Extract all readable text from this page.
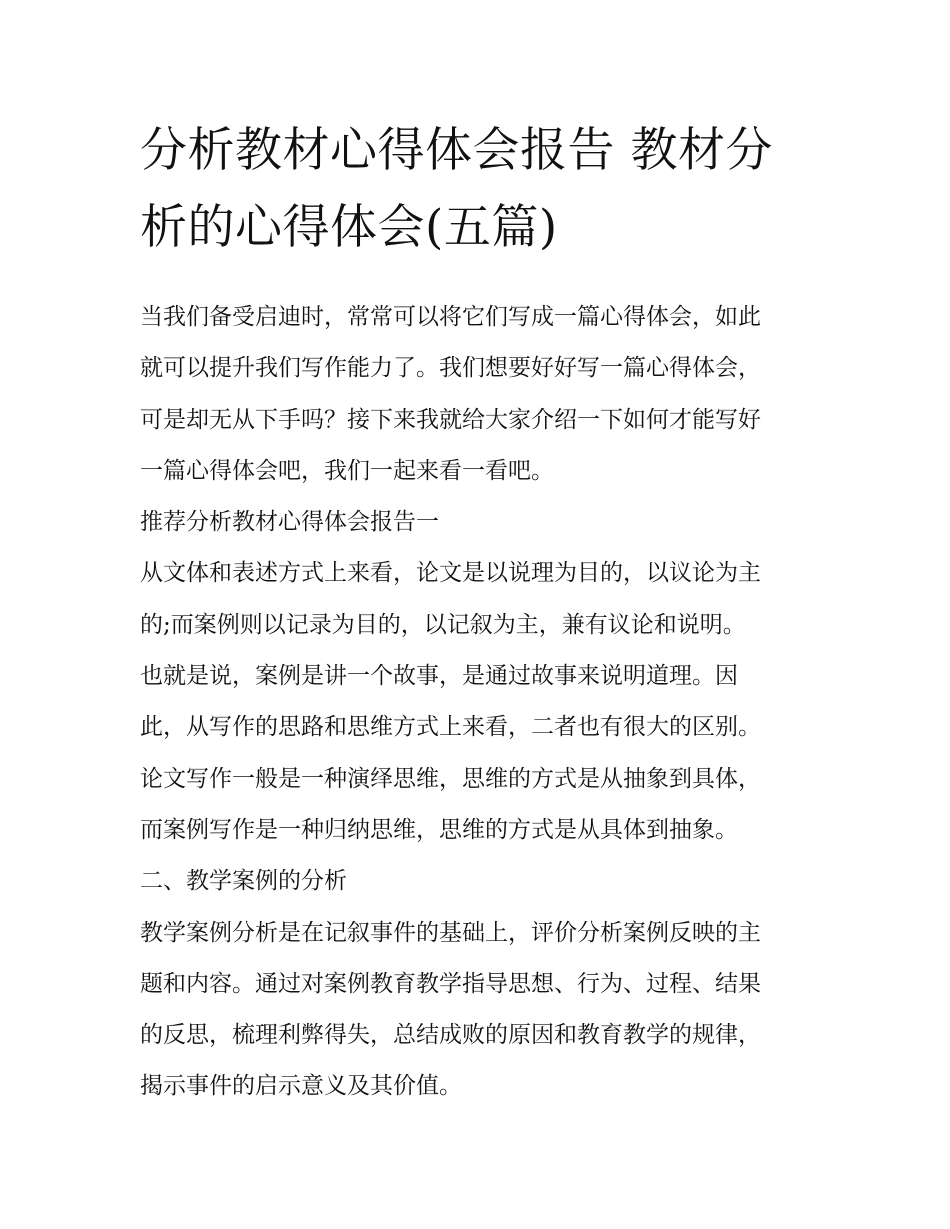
分析教材心得体会报告 教材分
析的心得体会(五篇)
当我们备受启迪时，常常可以将它们写成一篇心得体会，如此
就可以提升我们写作能力了。我们想要好好写一篇心得体会，
可是却无从下手吗？接下来我就给大家介绍一下如何才能写好
一篇心得体会吧，我们一起来看一看吧。
推荐分析教材心得体会报告一
从文体和表述方式上来看，论文是以说理为目的，以议论为主
的;而案例则以记录为目的，以记叙为主，兼有议论和说明。
也就是说，案例是讲一个故事，是通过故事来说明道理。因
此，从写作的思路和思维方式上来看，二者也有很大的区别。
论文写作一般是一种演绎思维，思维的方式是从抽象到具体，
而案例写作是一种归纳思维，思维的方式是从具体到抽象。
二、教学案例的分析
教学案例分析是在记叙事件的基础上，评价分析案例反映的主
题和内容。通过对案例教育教学指导思想、行为、过程、结果
的反思，梳理利弊得失，总结成败的原因和教育教学的规律，
揭示事件的启示意义及其价值。
